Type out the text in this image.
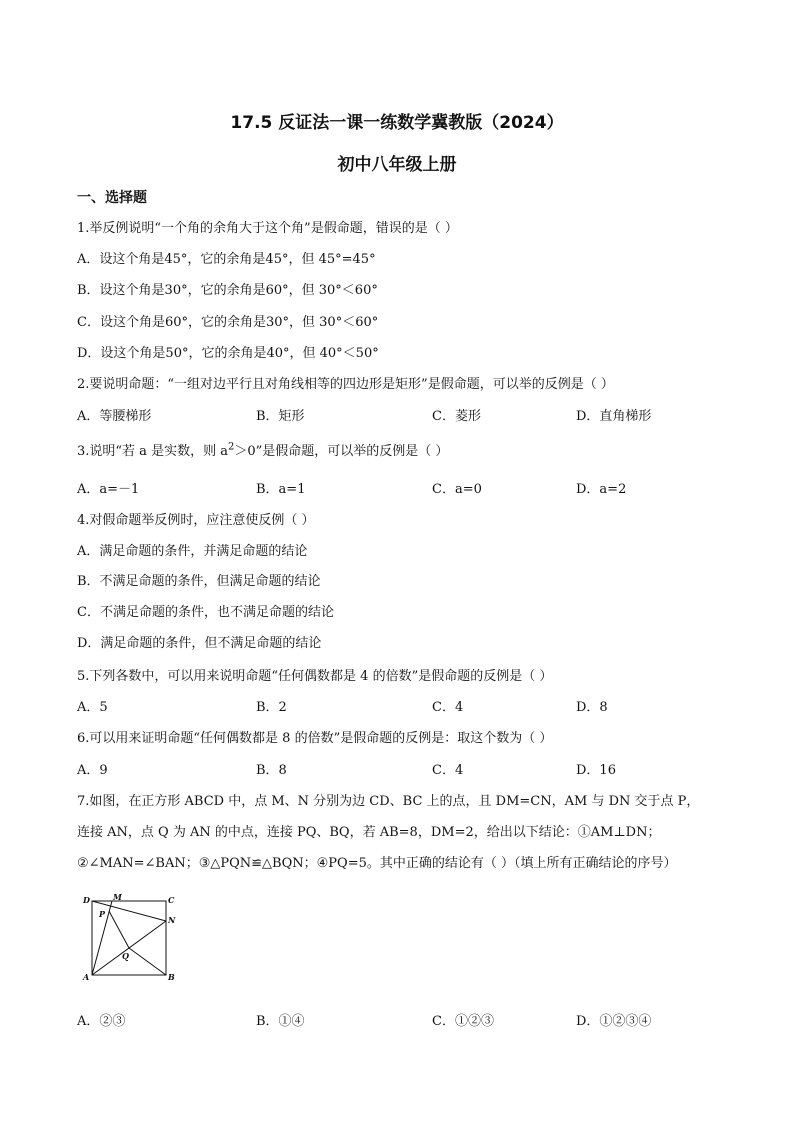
17.5 反证法一课一练数学冀教版（2024）
初中八年级上册
一、选择题
1.举反例说明“一个角的余角大于这个角”是假命题，错误的是（ ）
A．设这个角是45°，它的余角是45°，但 45°=45°
B．设这个角是30°，它的余角是60°，但 30°＜60°
C．设这个角是60°，它的余角是30°，但 30°＜60°
D．设这个角是50°，它的余角是40°，但 40°＜50°
2.要说明命题：“一组对边平行且对角线相等的四边形是矩形”是假命题，可以举的反例是（ ）
A．等腰梯形	B．矩形	C．菱形	D．直角梯形
3.说明“若 a 是实数，则 $a^2>0$”是假命题，可以举的反例是（ ）
A．a=－1	B．a=1	C．a=0	D．a=2
4.对假命题举反例时，应注意使反例（ ）
A．满足命题的条件，并满足命题的结论
B．不满足命题的条件，但满足命题的结论
C．不满足命题的条件，也不满足命题的结论
D．满足命题的条件，但不满足命题的结论
5.下列各数中，可以用来说明命题“任何偶数都是 4 的倍数”是假命题的反例是（ ）
A．5	B．2	C．4	D．8
6.可以用来证明命题“任何偶数都是 8 的倍数”是假命题的反例是：取这个数为（ ）
A．9	B．8	C．4	D．16
7.如图，在正方形 ABCD 中，点 M、N 分别为边 CD、BC 上的点，且 DM=CN，AM 与 DN 交于点 P，
连接 AN，点 Q 为 AN 的中点，连接 PQ、BQ，若 AB=8，DM=2，给出以下结论：①AM⊥DN；
②∠MAN=∠BAN；③△PQN≌△BQN；④PQ=5。其中正确的结论有（ ）（填上所有正确结论的序号）
D	M	C
P
N
Q
A	B
A．②③	B．①④	C．①②③	D．①②③④
